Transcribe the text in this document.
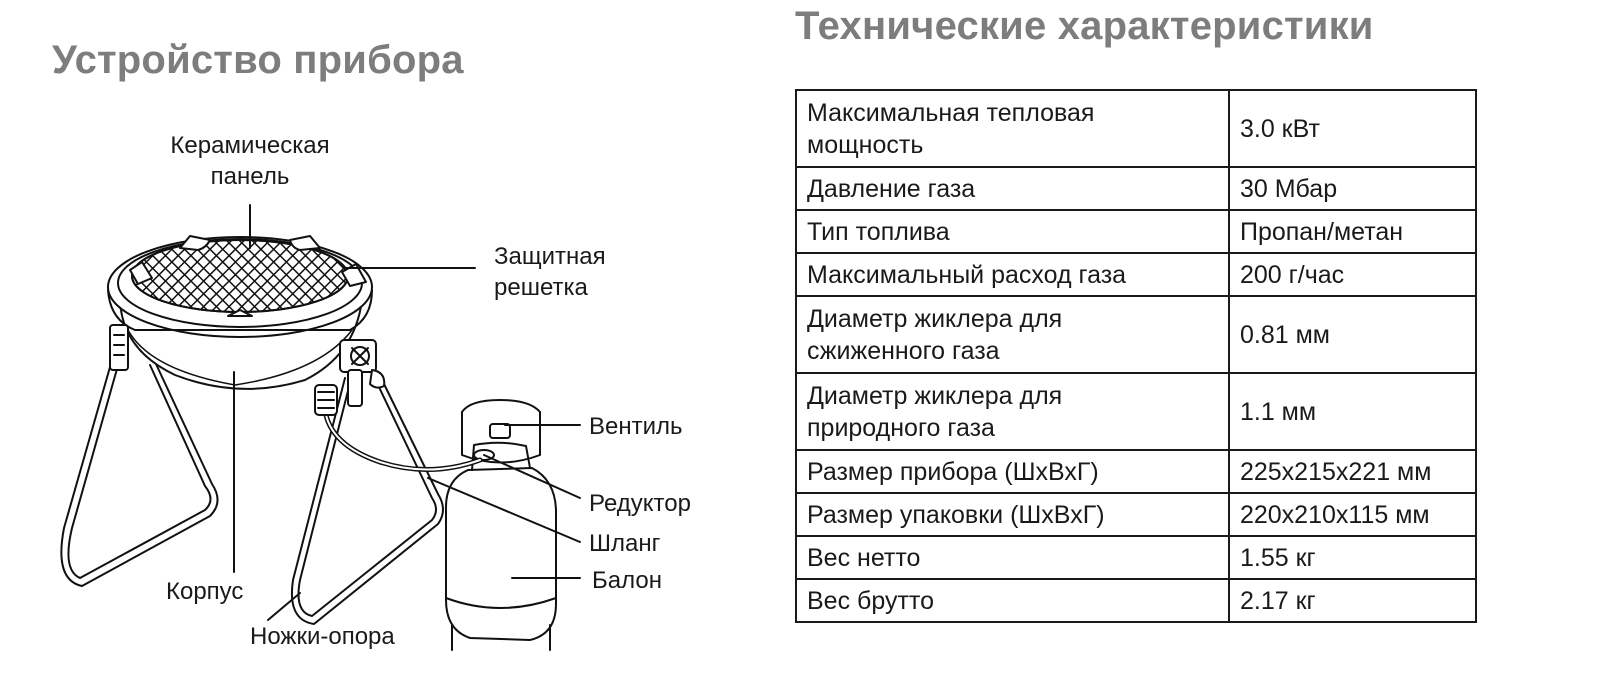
Устройство прибора
Технические характеристики
Керамическая
панель
Защитная
решетка
Вентиль
Редуктор
Шланг
Балон
Корпус
Ножки-опора
Максимальная тепловая
мощность	3.0 кВт
Давление газа	30 Мбар
Тип топлива	Пропан/метан
Максимальный расход газа	200 г/час

Диаметр жиклера для
сжиженного газа	0.81 мм

Диаметр жиклера для
природного газа	1.1 мм
Размер прибора (ШхВхГ)	225x215x221 мм
Размер упаковки (ШхВхГ)	220x210x115 мм
Вес нетто	1.55 кг
Вес брутто	2.17 кг
